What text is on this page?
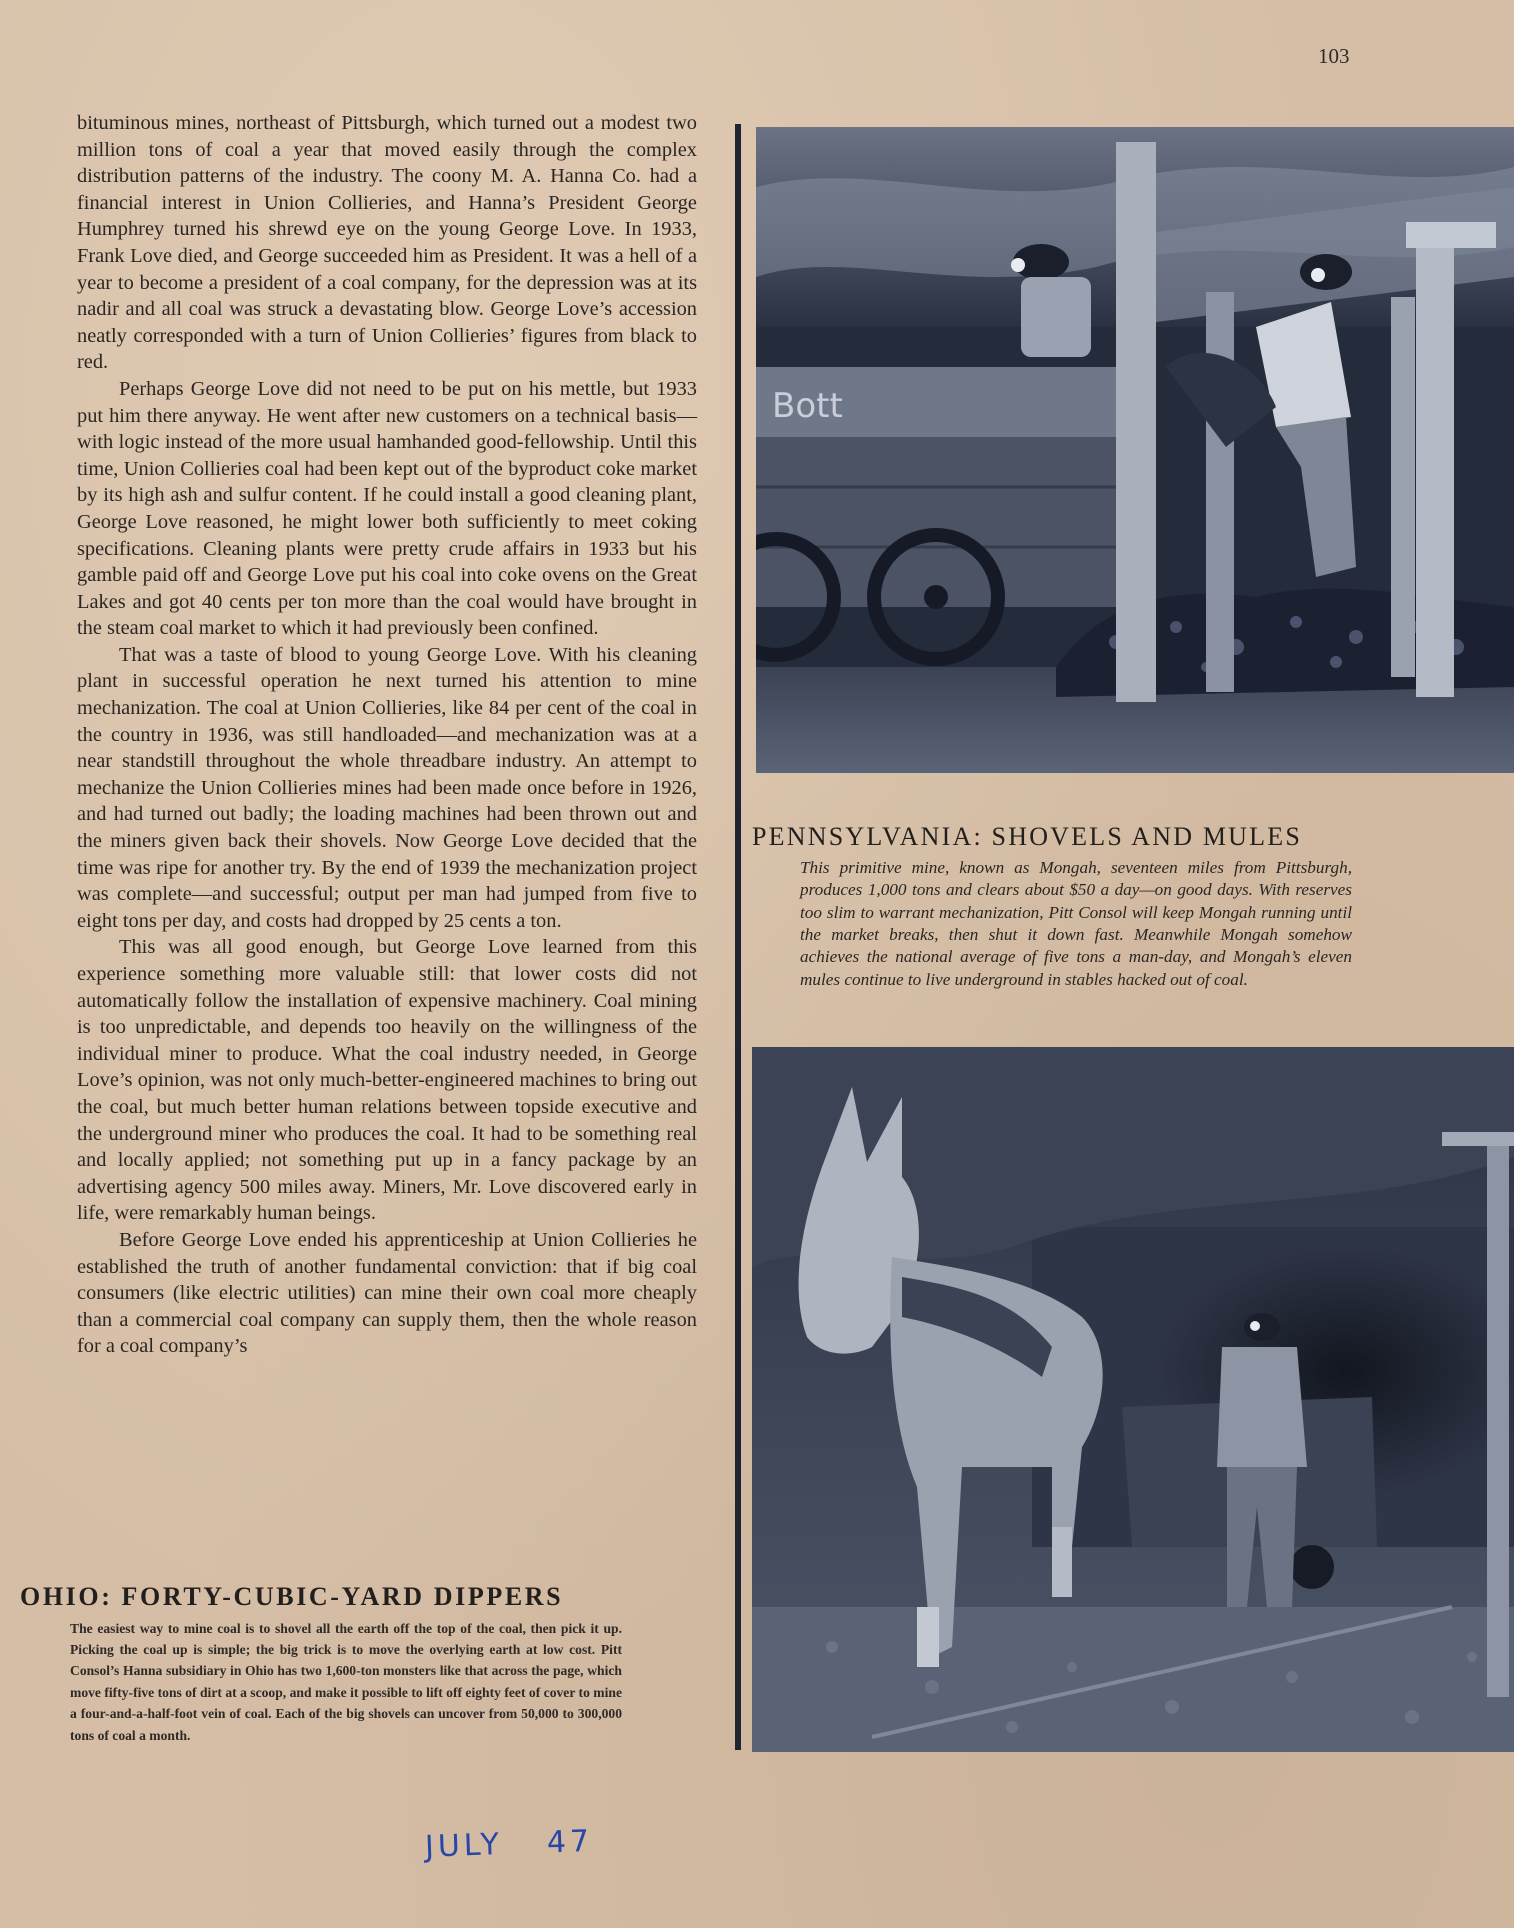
103

bituminous mines, northeast of Pittsburgh, which turned out a modest two million tons of coal a year that moved easily through the complex distribution patterns of the industry. The coony M. A. Hanna Co. had a financial interest in Union Collieries, and Hanna’s President George Humphrey turned his shrewd eye on the young George Love. In 1933, Frank Love died, and George succeeded him as President. It was a hell of a year to become a president of a coal company, for the depression was at its nadir and all coal was struck a devastating blow. George Love’s accession neatly corresponded with a turn of Union Collieries’ figures from black to red.

Perhaps George Love did not need to be put on his mettle, but 1933 put him there anyway. He went after new customers on a technical basis—with logic instead of the more usual hamhanded good-fellowship. Until this time, Union Collieries coal had been kept out of the byproduct coke market by its high ash and sulfur content. If he could install a good cleaning plant, George Love reasoned, he might lower both sufficiently to meet coking specifications. Cleaning plants were pretty crude affairs in 1933 but his gamble paid off and George Love put his coal into coke ovens on the Great Lakes and got 40 cents per ton more than the coal would have brought in the steam coal market to which it had previously been confined.

That was a taste of blood to young George Love. With his cleaning plant in successful operation he next turned his attention to mine mechanization. The coal at Union Collieries, like 84 per cent of the coal in the country in 1936, was still handloaded—and mechanization was at a near standstill throughout the whole threadbare industry. An attempt to mechanize the Union Collieries mines had been made once before in 1926, and had turned out badly; the loading machines had been thrown out and the miners given back their shovels. Now George Love decided that the time was ripe for another try. By the end of 1939 the mechanization project was complete—and successful; output per man had jumped from five to eight tons per day, and costs had dropped by 25 cents a ton.

This was all good enough, but George Love learned from this experience something more valuable still: that lower costs did not automatically follow the installation of expensive machinery. Coal mining is too unpredictable, and depends too heavily on the willingness of the individual miner to produce. What the coal industry needed, in George Love’s opinion, was not only much-better-engineered machines to bring out the coal, but much better human relations between topside executive and the underground miner who produces the coal. It had to be something real and locally applied; not something put up in a fancy package by an advertising agency 500 miles away. Miners, Mr. Love discovered early in life, were remarkably human beings.

Before George Love ended his apprenticeship at Union Collieries he established the truth of another fundamental conviction: that if big coal consumers (like electric utilities) can mine their own coal more cheaply than a commercial coal company can supply them, then the whole reason for a coal company’s

Bott
PENNSYLVANIA: SHOVELS AND MULES

This primitive mine, known as Mongah, seventeen miles from Pittsburgh, produces 1,000 tons and clears about $50 a day—on good days. With reserves too slim to warrant mechanization, Pitt Consol will keep Mongah running until the market breaks, then shut it down fast. Meanwhile Mongah somehow achieves the national average of five tons a man-day, and Mongah’s eleven mules continue to live underground in stables hacked out of coal.

OHIO: FORTY-CUBIC-YARD DIPPERS

The easiest way to mine coal is to shovel all the earth off the top of the coal, then pick it up. Picking the coal up is simple; the big trick is to move the overlying earth at low cost. Pitt Consol’s Hanna subsidiary in Ohio has two 1,600-ton monsters like that across the page, which move fifty-five tons of dirt at a scoop, and make it possible to lift off eighty feet of cover to mine a four-and-a-half-foot vein of coal. Each of the big shovels can uncover from 50,000 to 300,000 tons of coal a month.

JULY 47
